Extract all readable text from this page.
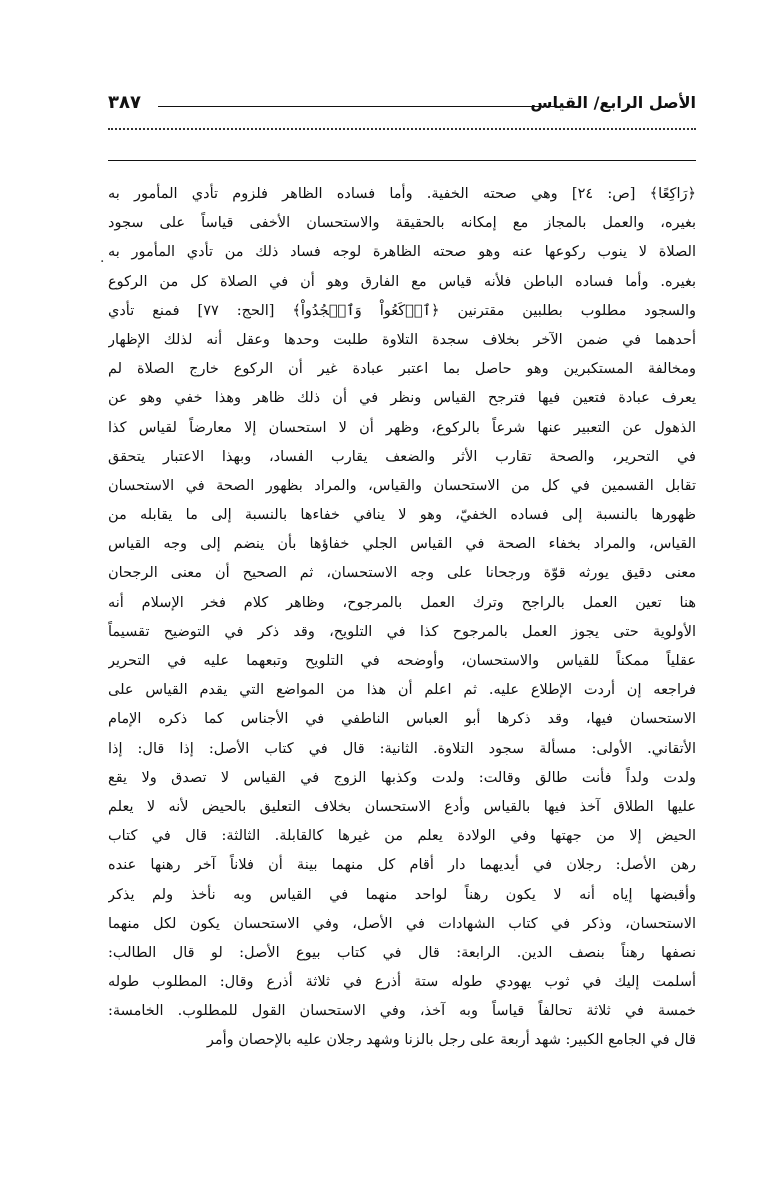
الأصل الرابع/ القياس
٣٨٧
·
﴿رَاكِعًا﴾ [ص: ٢٤] وهي صحته الخفية. وأما فساده الظاهر فلزوم تأدي المأمور به
بغيره، والعمل بالمجاز مع إمكانه بالحقيقة والاستحسان الأخفى قياساً على سجود
الصلاة لا ينوب ركوعها عنه وهو صحته الظاهرة لوجه فساد ذلك من تأدي المأمور به
بغيره. وأما فساده الباطن فلأنه قياس مع الفارق وهو أن في الصلاة كل من الركوع
والسجود مطلوب بطلبين مقترنين ﴿ٱرۡكَعُواْ وَٱسۡجُدُواْ﴾ [الحج: ٧٧] فمنع تأدي
أحدهما في ضمن الآخر بخلاف سجدة التلاوة طلبت وحدها وعقل أنه لذلك الإظهار
ومخالفة المستكبرين وهو حاصل بما اعتبر عبادة غير أن الركوع خارج الصلاة لم
يعرف عبادة فتعين فيها فترجح القياس ونظر في أن ذلك ظاهر وهذا خفي وهو عن
الذهول عن التعبير عنها شرعاً بالركوع، وظهر أن لا استحسان إلا معارضاً لقياس كذا
في التحرير، والصحة تقارب الأثر والضعف يقارب الفساد، وبهذا الاعتبار يتحقق
تقابل القسمين في كل من الاستحسان والقياس، والمراد بظهور الصحة في الاستحسان
ظهورها بالنسبة إلى فساده الخفيّ، وهو لا ينافي خفاءها بالنسبة إلى ما يقابله من
القياس، والمراد بخفاء الصحة في القياس الجلي خفاؤها بأن ينضم إلى وجه القياس
معنى دقيق يورثه قوّة ورجحانا على وجه الاستحسان، ثم الصحيح أن معنى الرجحان
هنا تعين العمل بالراجح وترك العمل بالمرجوح، وظاهر كلام فخر الإسلام أنه
الأولوية حتى يجوز العمل بالمرجوح كذا في التلويح، وقد ذكر في التوضيح تقسيماً
عقلياً ممكناً للقياس والاستحسان، وأوضحه في التلويح وتبعهما عليه في التحرير
فراجعه إن أردت الإطلاع عليه. ثم اعلم أن هذا من المواضع التي يقدم القياس على
الاستحسان فيها، وقد ذكرها أبو العباس الناطفي في الأجناس كما ذكره الإمام
الأتقاني. الأولى: مسألة سجود التلاوة. الثانية: قال في كتاب الأصل: إذا قال: إذا
ولدت ولداً فأنت طالق وقالت: ولدت وكذبها الزوج في القياس لا تصدق ولا يقع
عليها الطلاق آخذ فيها بالقياس وأدع الاستحسان بخلاف التعليق بالحيض لأنه لا يعلم
الحيض إلا من جهتها وفي الولادة يعلم من غيرها كالقابلة. الثالثة: قال في كتاب
رهن الأصل: رجلان في أيديهما دار أقام كل منهما بينة أن فلاناً آخر رهنها عنده
وأقبضها إياه أنه لا يكون رهناً لواحد منهما في القياس وبه نأخذ ولم يذكر
الاستحسان، وذكر في كتاب الشهادات في الأصل، وفي الاستحسان يكون لكل منهما
نصفها رهناً بنصف الدين. الرابعة: قال في كتاب بيوع الأصل: لو قال الطالب:
أسلمت إليك في ثوب يهودي طوله ستة أذرع في ثلاثة أذرع وقال: المطلوب طوله
خمسة في ثلاثة تحالفاً قياساً وبه آخذ، وفي الاستحسان القول للمطلوب. الخامسة:
قال في الجامع الكبير: شهد أربعة على رجل بالزنا وشهد رجلان عليه بالإحصان وأمر
